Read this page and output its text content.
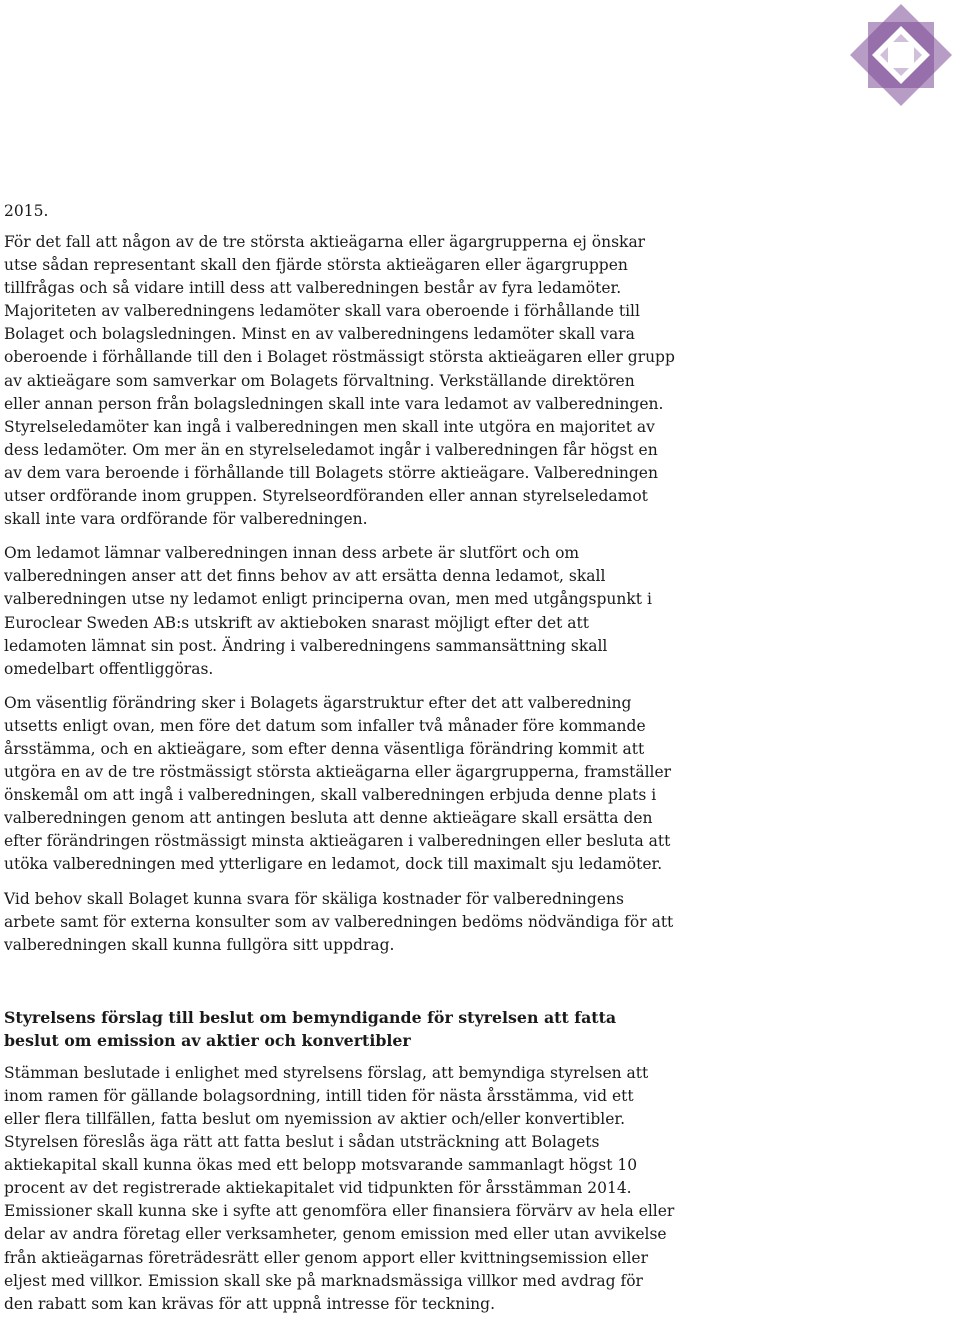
2015.

För det fall att någon av de tre största aktieägarna eller ägargrupperna ej önskar
utse sådan representant skall den fjärde största aktieägaren eller ägargruppen
tillfrågas och så vidare intill dess att valberedningen består av fyra ledamöter.
Majoriteten av valberedningens ledamöter skall vara oberoende i förhållande till
Bolaget och bolagsledningen. Minst en av valberedningens ledamöter skall vara
oberoende i förhållande till den i Bolaget röstmässigt största aktieägaren eller grupp
av aktieägare som samverkar om Bolagets förvaltning. Verkställande direktören
eller annan person från bolagsledningen skall inte vara ledamot av valberedningen.
Styrelseledamöter kan ingå i valberedningen men skall inte utgöra en majoritet av
dess ledamöter. Om mer än en styrelseledamot ingår i valberedningen får högst en
av dem vara beroende i förhållande till Bolagets större aktieägare. Valberedningen
utser ordförande inom gruppen. Styrelseordföranden eller annan styrelseledamot
skall inte vara ordförande för valberedningen.

Om ledamot lämnar valberedningen innan dess arbete är slutfört och om
valberedningen anser att det finns behov av att ersätta denna ledamot, skall
valberedningen utse ny ledamot enligt principerna ovan, men med utgångspunkt i
Euroclear Sweden AB:s utskrift av aktieboken snarast möjligt efter det att
ledamoten lämnat sin post. Ändring i valberedningens sammansättning skall
omedelbart offentliggöras.

Om väsentlig förändring sker i Bolagets ägarstruktur efter det att valberedning
utsetts enligt ovan, men före det datum som infaller två månader före kommande
årsstämma, och en aktieägare, som efter denna väsentliga förändring kommit att
utgöra en av de tre röstmässigt största aktieägarna eller ägargrupperna, framställer
önskemål om att ingå i valberedningen, skall valberedningen erbjuda denne plats i
valberedningen genom att antingen besluta att denne aktieägare skall ersätta den
efter förändringen röstmässigt minsta aktieägaren i valberedningen eller besluta att
utöka valberedningen med ytterligare en ledamot, dock till maximalt sju ledamöter.

Vid behov skall Bolaget kunna svara för skäliga kostnader för valberedningens
arbete samt för externa konsulter som av valberedningen bedöms nödvändiga för att
valberedningen skall kunna fullgöra sitt uppdrag.

Styrelsens förslag till beslut om bemyndigande för styrelsen att fatta
beslut om emission av aktier och konvertibler

Stämman beslutade i enlighet med styrelsens förslag, att bemyndiga styrelsen att
inom ramen för gällande bolagsordning, intill tiden för nästa årsstämma, vid ett
eller flera tillfällen, fatta beslut om nyemission av aktier och/eller konvertibler.
Styrelsen föreslås äga rätt att fatta beslut i sådan utsträckning att Bolagets
aktiekapital skall kunna ökas med ett belopp motsvarande sammanlagt högst 10
procent av det registrerade aktiekapitalet vid tidpunkten för årsstämman 2014.
Emissioner skall kunna ske i syfte att genomföra eller finansiera förvärv av hela eller
delar av andra företag eller verksamheter, genom emission med eller utan avvikelse
från aktieägarnas företrädesrätt eller genom apport eller kvittningsemission eller
eljest med villkor. Emission skall ske på marknadsmässiga villkor med avdrag för
den rabatt som kan krävas för att uppnå intresse för teckning.
